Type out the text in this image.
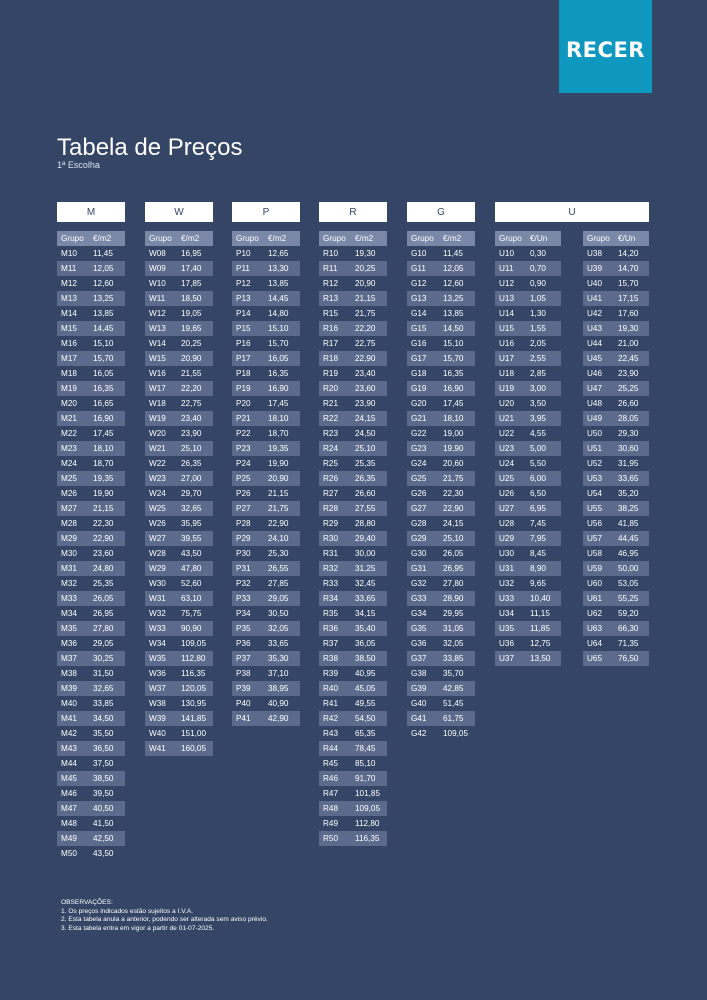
RECER
Tabela de Preços
1ª Escolha
M
Grupo	€/m2
M10	11,45
M11	12,05
M12	12,60
M13	13,25
M14	13,85
M15	14,45
M16	15,10
M17	15,70
M18	16,05
M19	16,35
M20	16,65
M21	16,90
M22	17,45
M23	18,10
M24	18,70
M25	19,35
M26	19,90
M27	21,15
M28	22,30
M29	22,90
M30	23,60
M31	24,80
M32	25,35
M33	26,05
M34	26,95
M35	27,80
M36	29,05
M37	30,25
M38	31,50
M39	32,65
M40	33,85
M41	34,50
M42	35,50
M43	36,50
M44	37,50
M45	38,50
M46	39,50
M47	40,50
M48	41,50
M49	42,50
M50	43,50
W
Grupo	€/m2
W08	16,95
W09	17,40
W10	17,85
W11	18,50
W12	19,05
W13	19,65
W14	20,25
W15	20,90
W16	21,55
W17	22,20
W18	22,75
W19	23,40
W20	23,90
W21	25,10
W22	26,35
W23	27,00
W24	29,70
W25	32,65
W26	35,95
W27	39,55
W28	43,50
W29	47,80
W30	52,60
W31	63,10
W32	75,75
W33	90,90
W34	109,05
W35	112,80
W36	116,35
W37	120,05
W38	130,95
W39	141,85
W40	151,00
W41	160,05
P
Grupo	€/m2
P10	12,65
P11	13,30
P12	13,85
P13	14,45
P14	14,80
P15	15,10
P16	15,70
P17	16,05
P18	16,35
P19	16,90
P20	17,45
P21	18,10
P22	18,70
P23	19,35
P24	19,90
P25	20,90
P26	21,15
P27	21,75
P28	22,90
P29	24,10
P30	25,30
P31	26,55
P32	27,85
P33	29,05
P34	30,50
P35	32,05
P36	33,65
P37	35,30
P38	37,10
P39	38,95
P40	40,90
P41	42,90
R
Grupo	€/m2
R10	19,30
R11	20,25
R12	20,90
R13	21,15
R15	21,75
R16	22,20
R17	22,75
R18	22,90
R19	23,40
R20	23,60
R21	23,90
R22	24,15
R23	24,50
R24	25,10
R25	25,35
R26	26,35
R27	26,60
R28	27,55
R29	28,80
R30	29,40
R31	30,00
R32	31,25
R33	32,45
R34	33,65
R35	34,15
R36	35,40
R37	36,05
R38	38,50
R39	40,95
R40	45,05
R41	49,55
R42	54,50
R43	65,35
R44	78,45
R45	85,10
R46	91,70
R47	101,85
R48	109,05
R49	112,80
R50	116,35
G
Grupo	€/m2
G10	11,45
G11	12,05
G12	12,60
G13	13,25
G14	13,85
G15	14,50
G16	15,10
G17	15,70
G18	16,35
G19	16,90
G20	17,45
G21	18,10
G22	19,00
G23	19,90
G24	20,60
G25	21,75
G26	22,30
G27	22,90
G28	24,15
G29	25,10
G30	26,05
G31	26,95
G32	27,80
G33	28,90
G34	29,95
G35	31,05
G36	32,05
G37	33,85
G38	35,70
G39	42,85
G40	51,45
G41	61,75
G42	109,05
U
Grupo	€/Un
U10	0,30
U11	0,70
U12	0,90
U13	1,05
U14	1,30
U15	1,55
U16	2,05
U17	2,55
U18	2,85
U19	3,00
U20	3,50
U21	3,95
U22	4,55
U23	5,00
U24	5,50
U25	6,00
U26	6,50
U27	6,95
U28	7,45
U29	7,95
U30	8,45
U31	8,90
U32	9,65
U33	10,40
U34	11,15
U35	11,85
U36	12,75
U37	13,50
Grupo	€/Un
U38	14,20
U39	14,70
U40	15,70
U41	17,15
U42	17,60
U43	19,30
U44	21,00
U45	22,45
U46	23,90
U47	25,25
U48	26,60
U49	28,05
U50	29,30
U51	30,60
U52	31,95
U53	33,65
U54	35,20
U55	38,25
U56	41,85
U57	44,45
U58	46,95
U59	50,00
U60	53,05
U61	55,25
U62	59,20
U63	66,30
U64	71,35
U65	76,50
OBSERVAÇÕES:
1. Os preços indicados estão sujeitos a I.V.A.
2. Esta tabela anula a anterior, podendo ser alterada sem aviso prévio.
3. Esta tabela entra em vigor a partir de 01-07-2025.
